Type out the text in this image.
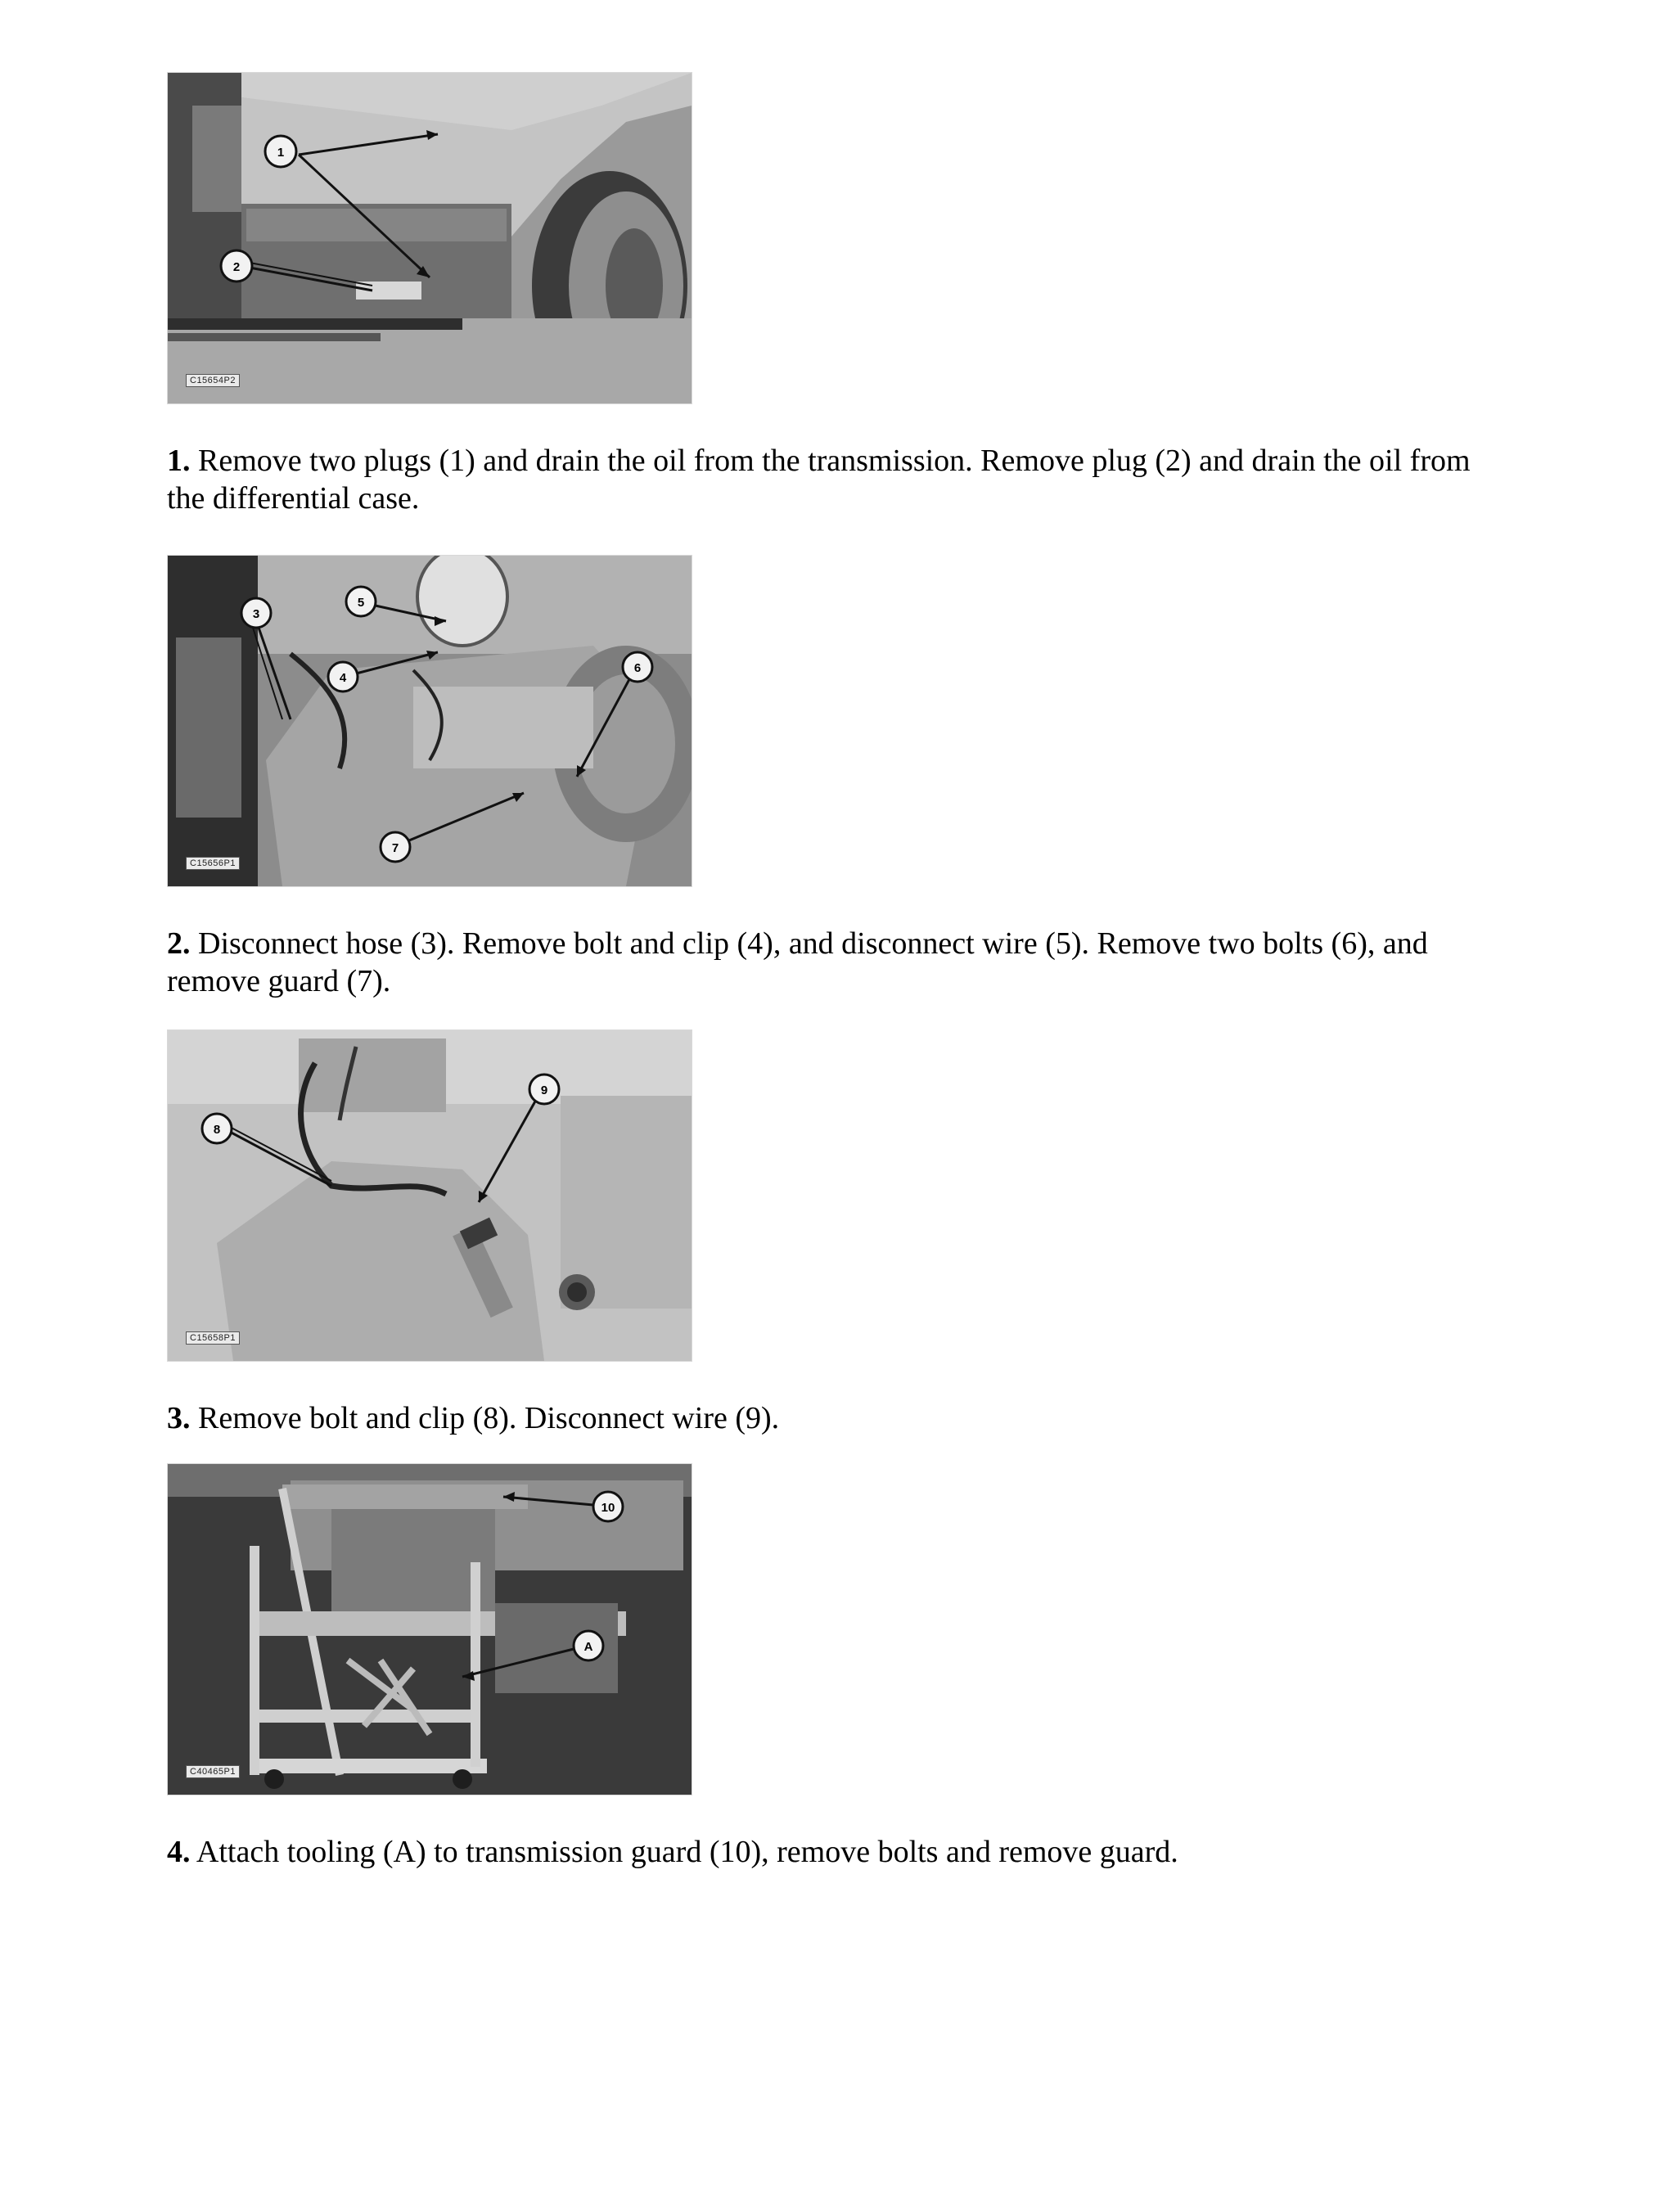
1
2
C15654P2
1. Remove two plugs (1) and drain the oil from the transmission. Remove plug (2) and drain the oil from the differential case.
3
4
5
6
7
C15656P1
2. Disconnect hose (3). Remove bolt and clip (4), and disconnect wire (5). Remove two bolts (6), and remove guard (7).
8
9
C15658P1
3. Remove bolt and clip (8). Disconnect wire (9).
10
A
C40465P1
4. Attach tooling (A) to transmission guard (10), remove bolts and remove guard.
